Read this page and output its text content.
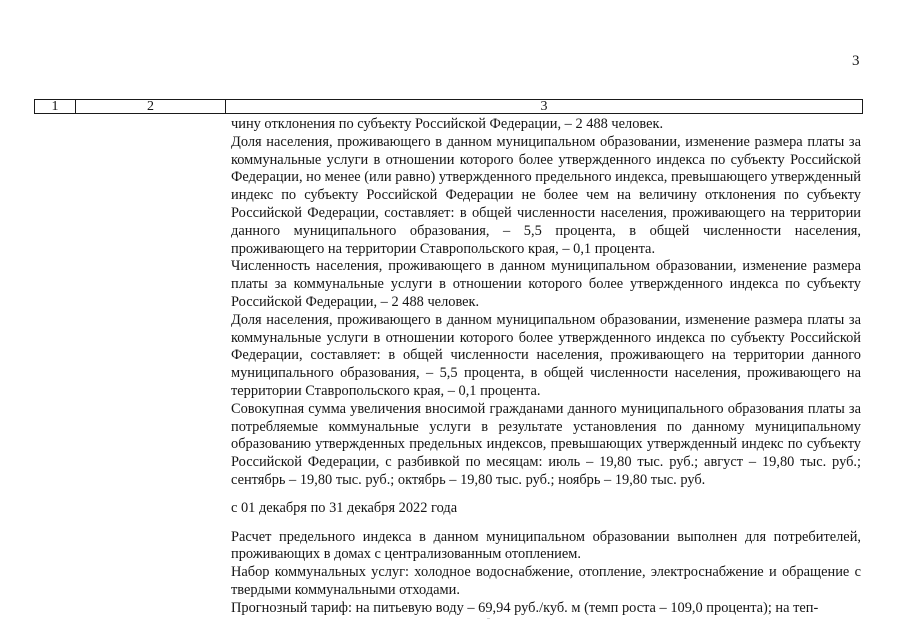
3
1	2	3

чину отклонения по субъекту Российской Федерации, – 2 488 человек.

Доля населения, проживающего в данном муниципальном образовании, изменение размера платы за коммунальные услуги в отношении которого более утвержденного индекса по субъекту Российской Федерации, но менее (или равно) утвержденного предельного индекса, превышающего утвержденный индекс по субъекту Российской Федерации не более чем на величину отклонения по субъекту Российской Федерации, составляет: в общей численности населения, проживающего на территории данного муниципального образования, – 5,5 процента, в общей численности населения, проживающего на территории Ставропольского края, – 0,1 процента.

Численность населения, проживающего в данном муниципальном образовании, изменение размера платы за коммунальные услуги в отношении которого более утвержденного индекса по субъекту Российской Федерации, – 2 488 человек.

Доля населения, проживающего в данном муниципальном образовании, изменение размера платы за коммунальные услуги в отношении которого более утвержденного индекса по субъекту Российской Федерации, составляет: в общей численности населения, проживающего на территории данного муниципального образования, – 5,5 процента, в общей численности населения, проживающего на территории Ставропольского края, – 0,1 процента.

Совокупная сумма увеличения вносимой гражданами данного муниципального образования платы за потребляемые коммунальные услуги в результате установления по данному муниципальному образованию утвержденных предельных индексов, превышающих утвержденный индекс по субъекту Российской Федерации, с разбивкой по месяцам: июль – 19,80 тыс. руб.; август – 19,80 тыс. руб.; сентябрь – 19,80 тыс. руб.; октябрь – 19,80 тыс. руб.; ноябрь – 19,80 тыс. руб.

с 01 декабря по 31 декабря 2022 года

Расчет предельного индекса в данном муниципальном образовании выполнен для потребителей, проживающих в домах с централизованным отоплением.

Набор коммунальных услуг: холодное водоснабжение, отопление, электроснабжение и обращение с твердыми коммунальными отходами.

Прогнозный тариф: на питьевую воду – 69,94 руб./куб. м (темп роста – 109,0 процента); на теп-
